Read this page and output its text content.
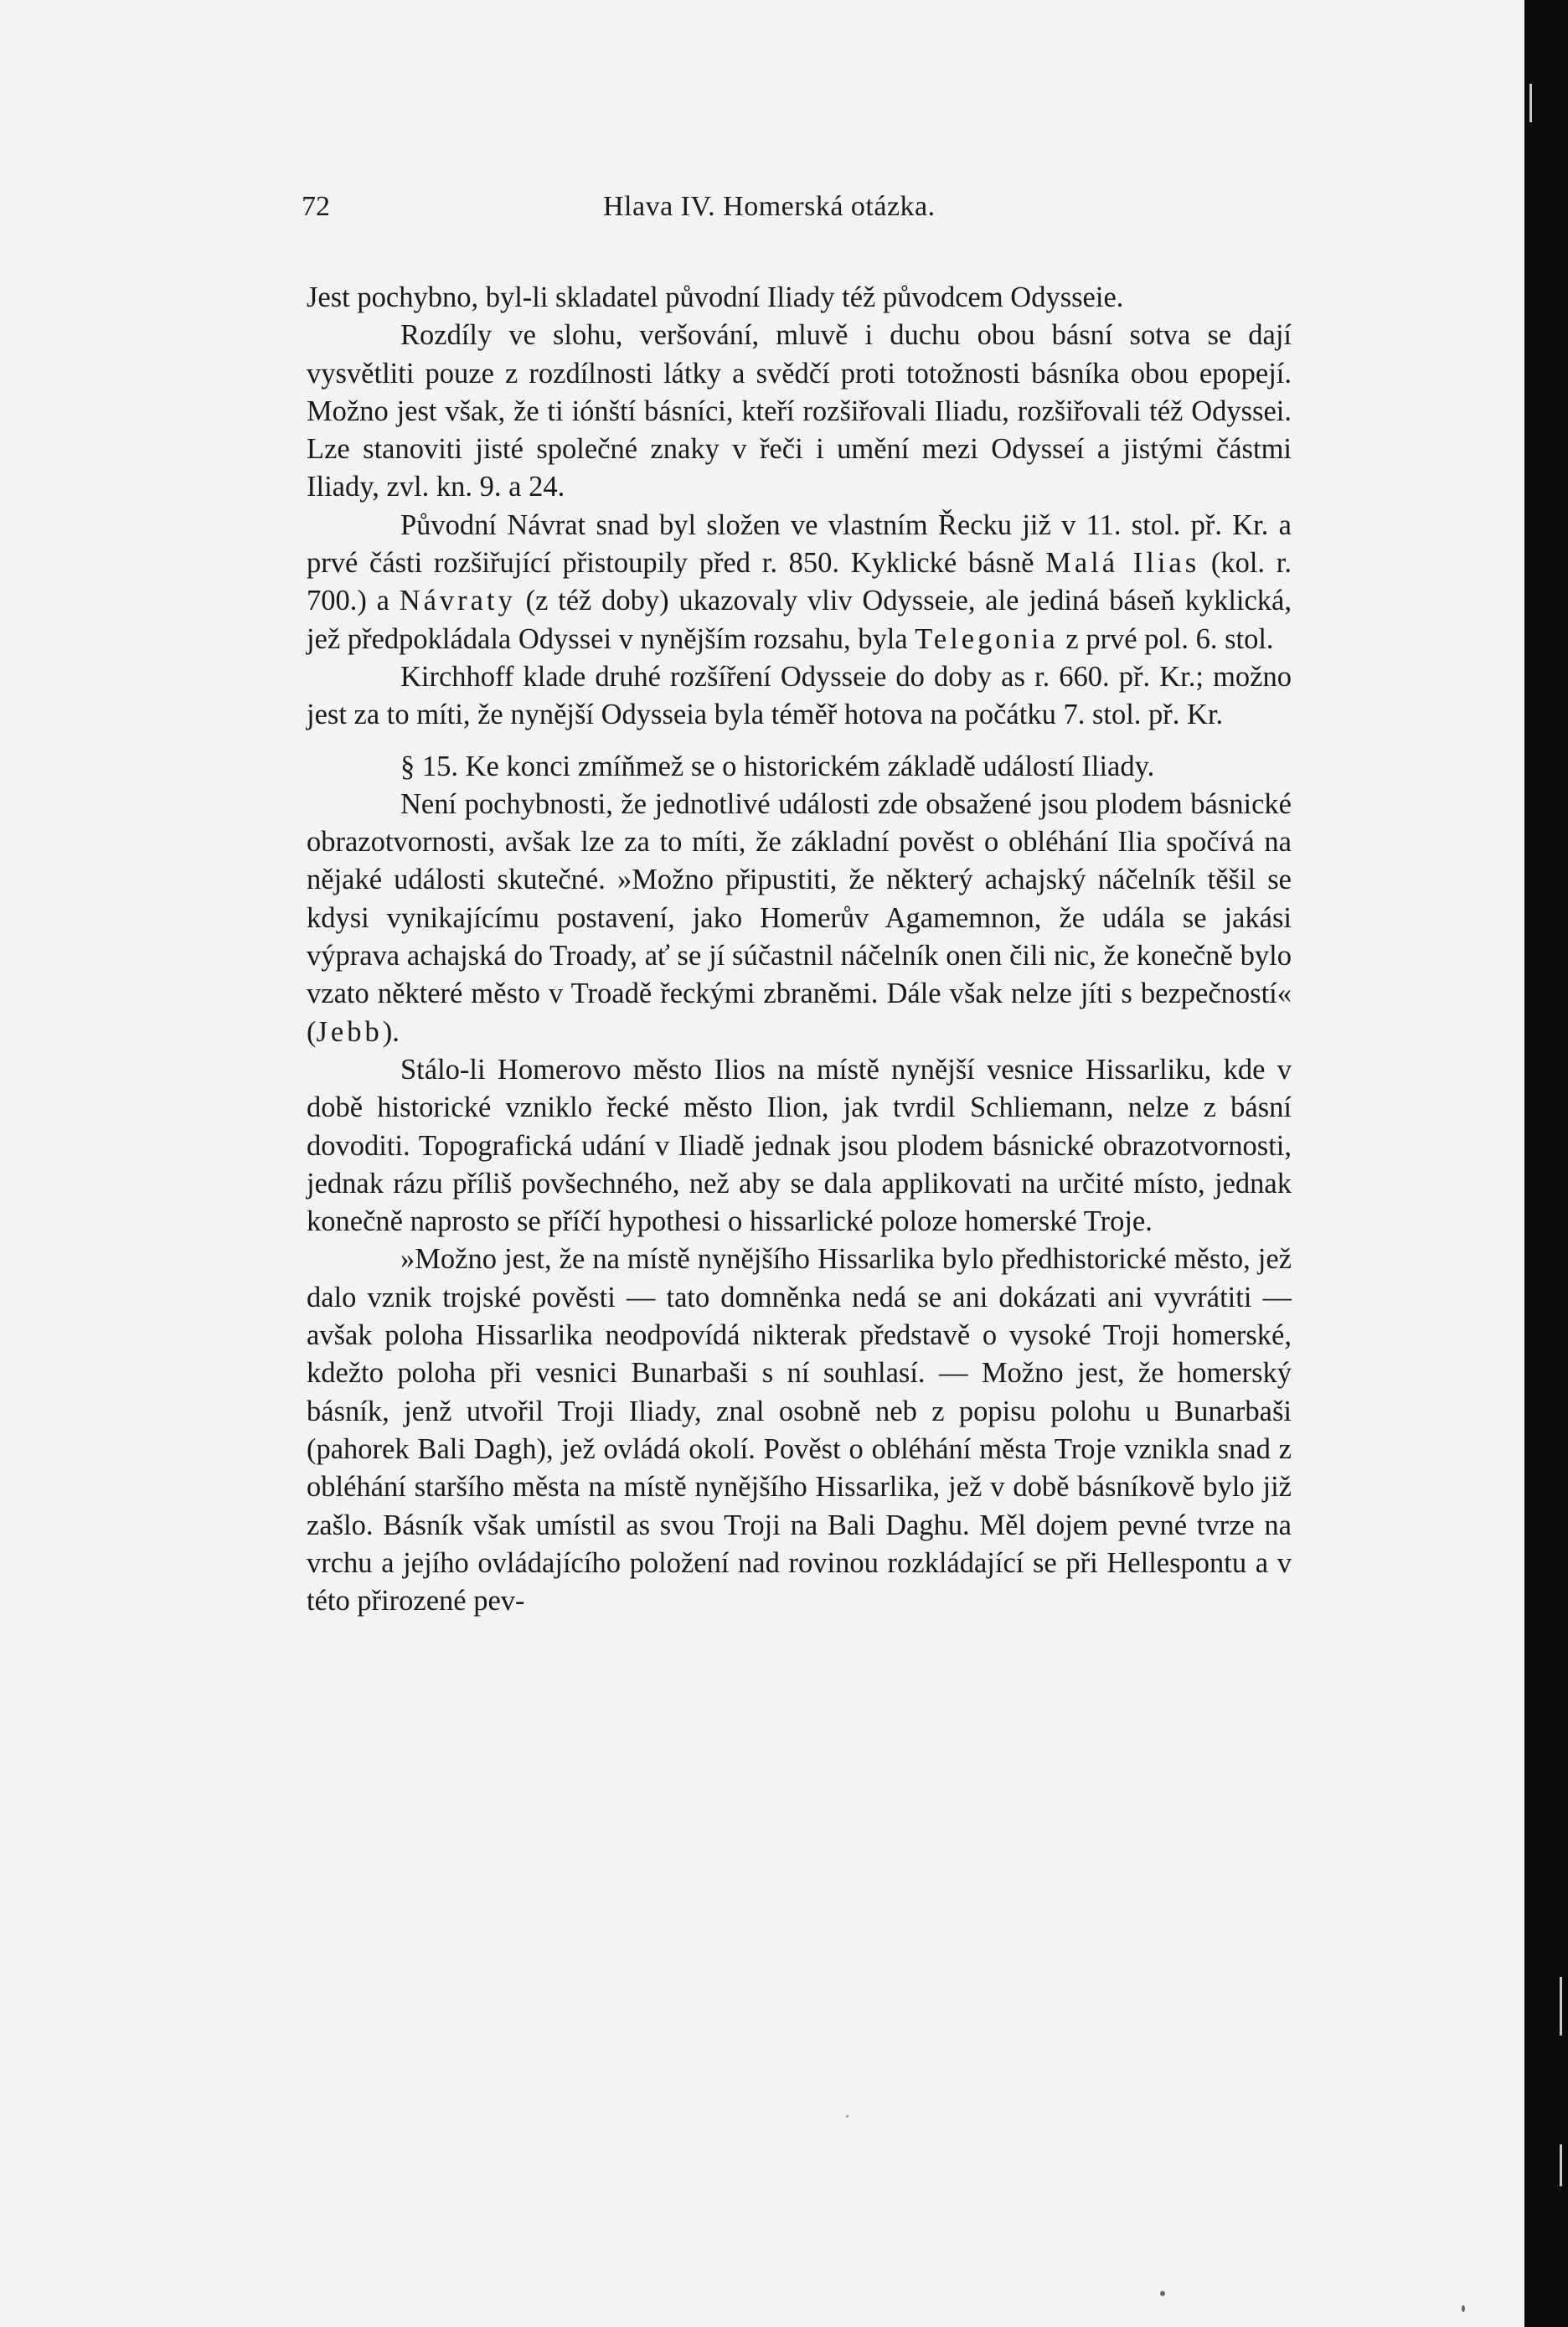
72	Hlava IV. Homerská otázka.

Jest pochybno, byl-li skladatel původní Iliady též původcem Odysseie.

Rozdíly ve slohu, veršování, mluvě i duchu obou básní sotva se dají vysvětliti pouze z rozdílnosti látky a svědčí proti totožnosti básníka obou epopejí. Možno jest však, že ti iónští básníci, kteří rozšiřovali Iliadu, rozšiřovali též Odyssei. Lze stanoviti jisté společné znaky v řeči i umění mezi Odysseí a jistými částmi Iliady, zvl. kn. 9. a 24.

Původní Návrat snad byl složen ve vlastním Řecku již v 11. stol. př. Kr. a prvé části rozšiřující přistoupily před r. 850. Kyklické básně Malá Ilias (kol. r. 700.) a Návraty (z též doby) ukazovaly vliv Odysseie, ale jediná báseň kyklická, jež předpokládala Odyssei v nynějším rozsahu, byla Telegonia z prvé pol. 6. stol.

Kirchhoff klade druhé rozšíření Odysseie do doby as r. 660. př. Kr.; možno jest za to míti, že nynější Odysseia byla téměř hotova na počátku 7. stol. př. Kr.

§ 15. Ke konci zmíňmež se o historickém základě událostí Iliady.

Není pochybnosti, že jednotlivé události zde obsažené jsou plodem básnické obrazotvornosti, avšak lze za to míti, že základní pověst o obléhání Ilia spočívá na nějaké události skutečné. »Možno připustiti, že některý achajský náčelník těšil se kdysi vynikajícímu postavení, jako Homerův Agamemnon, že udála se jakási výprava achajská do Troady, ať se jí súčastnil náčelník onen čili nic, že konečně bylo vzato některé město v Troadě řeckými zbraněmi. Dále však nelze jíti s bezpečností« (Jebb).

Stálo-li Homerovo město Ilios na místě nynější vesnice Hissarliku, kde v době historické vzniklo řecké město Ilion, jak tvrdil Schliemann, nelze z básní dovoditi. Topografická udání v Iliadě jednak jsou plodem básnické obrazotvornosti, jednak rázu příliš povšechného, než aby se dala applikovati na určité místo, jednak konečně naprosto se příčí hypothesi o hissarlické poloze homerské Troje.

»Možno jest, že na místě nynějšího Hissarlika bylo předhistorické město, jež dalo vznik trojské pověsti — tato domněnka nedá se ani dokázati ani vyvrátiti — avšak poloha Hissarlika neodpovídá nikterak představě o vysoké Troji homerské, kdežto poloha při vesnici Bunarbaši s ní souhlasí. — Možno jest, že homerský básník, jenž utvořil Troji Iliady, znal osobně neb z popisu polohu u Bunarbaši (pahorek Bali Dagh), jež ovládá okolí. Pověst o obléhání města Troje vznikla snad z obléhání staršího města na místě nynějšího Hissarlika, jež v době básníkově bylo již zašlo. Básník však umístil as svou Troji na Bali Daghu. Měl dojem pevné tvrze na vrchu a jejího ovládajícího položení nad rovinou rozkládající se při Hellespontu a v této přirozené pev-
